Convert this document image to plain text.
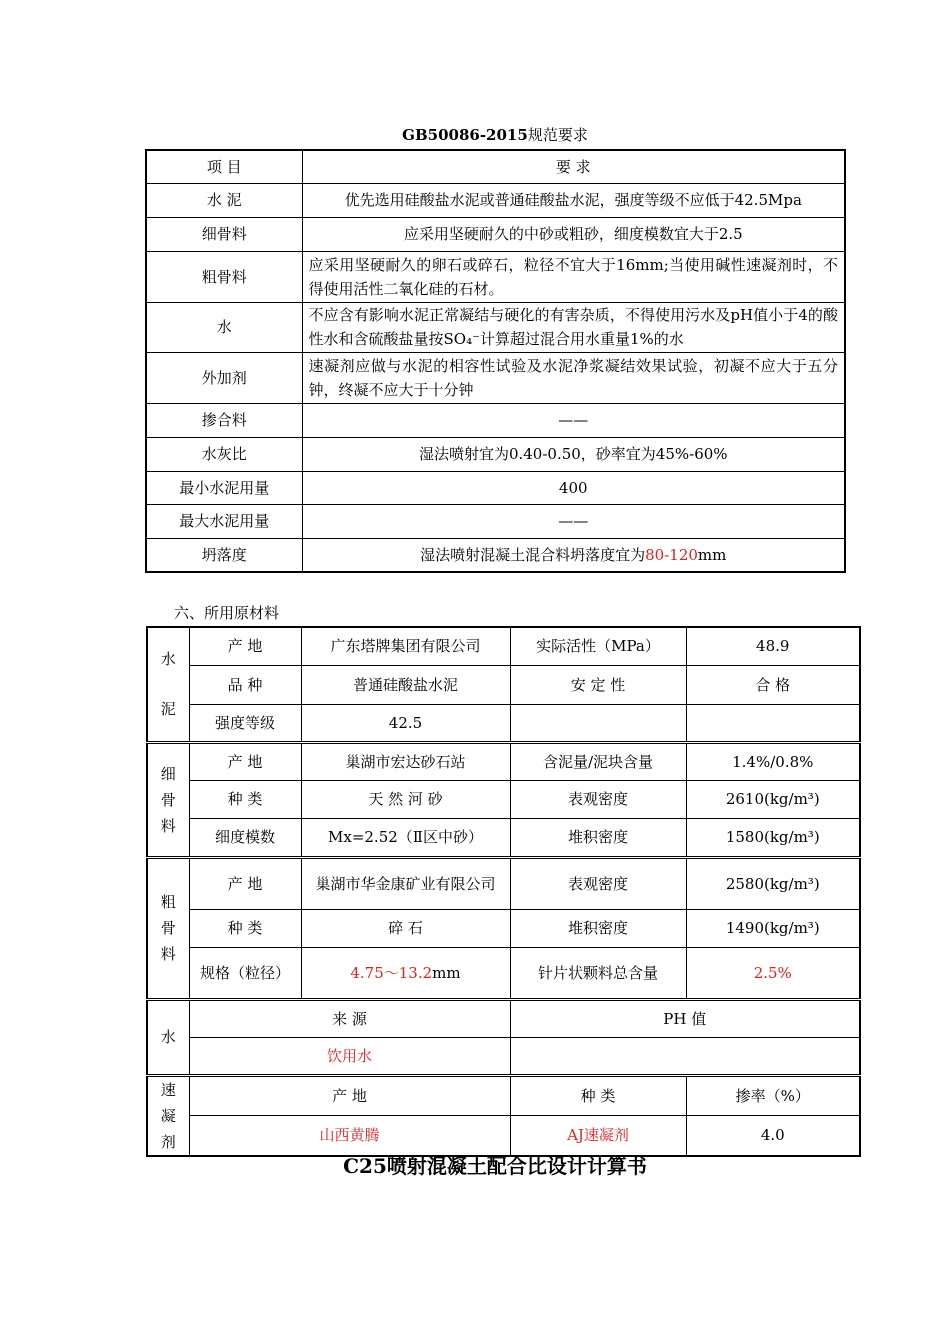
GB50086-2015规范要求
项 目	要 求
水 泥	优先选用硅酸盐水泥或普通硅酸盐水泥，强度等级不应低于42.5Mpa
细骨料	应采用坚硬耐久的中砂或粗砂，细度模数宜大于2.5
粗骨料	应采用坚硬耐久的卵石或碎石，粒径不宜大于16mm;当使用碱性速凝剂时，不得使用活性二氧化硅的石材。
水	不应含有影响水泥正常凝结与硬化的有害杂质，不得使用污水及pH值小于4的酸性水和含硫酸盐量按SO₄⁻计算超过混合用水重量1%的水
外加剂	速凝剂应做与水泥的相容性试验及水泥净浆凝结效果试验，初凝不应大于五分钟，终凝不应大于十分钟
掺合料	——
水灰比	湿法喷射宜为0.40-0.50，砂率宜为45%-60%
最小水泥用量	400
最大水泥用量	——
坍落度	湿法喷射混凝土混合料坍落度宜为80-120mm
六、所用原材料
水
泥	产 地	广东塔牌集团有限公司	实际活性（MPa）	48.9
	品 种	普通硅酸盐水泥	安 定 性	合 格
	强度等级	42.5		

细
骨
料	产 地	巢湖市宏达砂石站	含泥量/泥块含量	1.4%/0.8%
	种 类	天 然 河 砂	表观密度	2610(kg/m³)
	细度模数	Mx=2.52（Ⅱ区中砂）	堆积密度	1580(kg/m³)

粗
骨
料	产 地	巢湖市华金康矿业有限公司	表观密度	2580(kg/m³)
	种 类	碎 石	堆积密度	1490(kg/m³)
	规格（粒径）	4.75～13.2mm	针片状颗料总含量	2.5%

水	来 源		PH 值	
	饮用水			

速
凝
剂	产 地		种 类	掺率（%）
	山西黄腾		AJ速凝剂	4.0
C25喷射混凝土配合比设计计算书
